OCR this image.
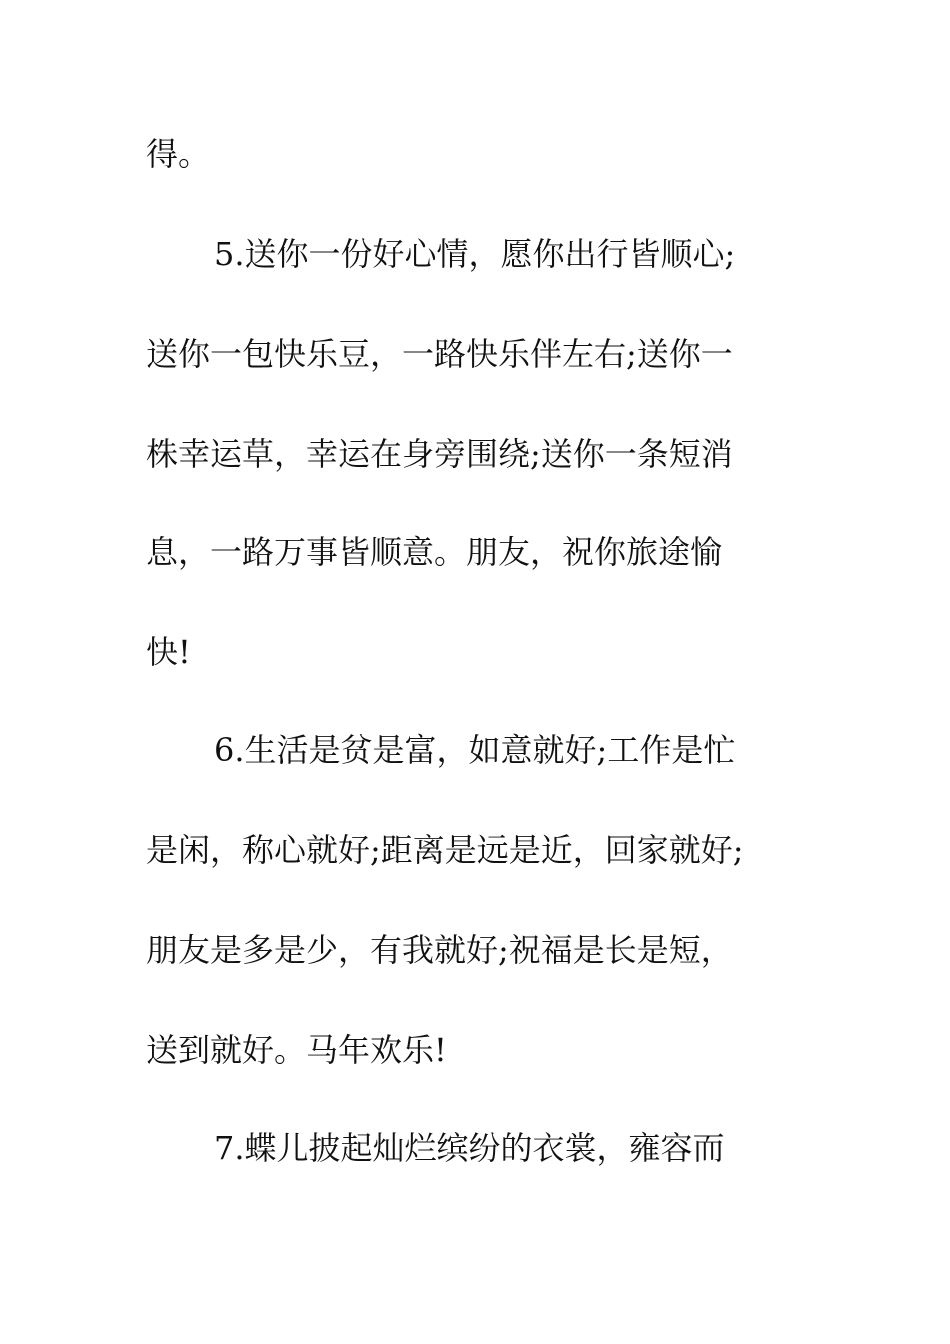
得。
5.送你一份好心情，愿你出行皆顺心;
送你一包快乐豆，一路快乐伴左右;送你一
株幸运草，幸运在身旁围绕;送你一条短消
息，一路万事皆顺意。朋友，祝你旅途愉
快!
6.生活是贫是富，如意就好;工作是忙
是闲，称心就好;距离是远是近，回家就好;
朋友是多是少，有我就好;祝福是长是短，
送到就好。马年欢乐!
7.蝶儿披起灿烂缤纷的衣裳，雍容而
